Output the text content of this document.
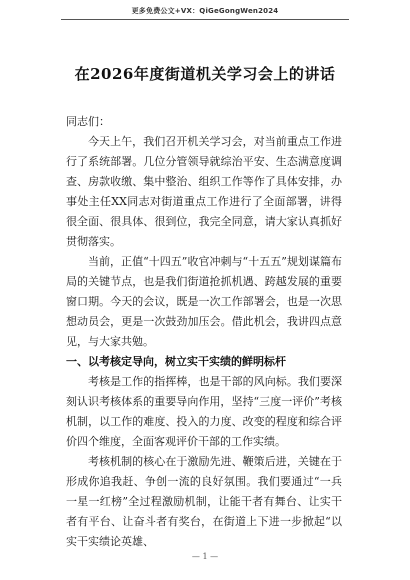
更多免费公文+VX：QiGeGongWen2024
在2026年度街道机关学习会上的讲话

同志们：

今天上午，我们召开机关学习会，对当前重点工作进行了系统部署。几位分管领导就综治平安、生态满意度调查、房款收缴、集中整治、组织工作等作了具体安排，办事处主任XX同志对街道重点工作进行了全面部署，讲得很全面、很具体、很到位，我完全同意，请大家认真抓好贯彻落实。

当前，正值“十四五”收官冲刺与“十五五”规划谋篇布局的关键节点，也是我们街道抢抓机遇、跨越发展的重要窗口期。今天的会议，既是一次工作部署会，也是一次思想动员会，更是一次鼓劲加压会。借此机会，我讲四点意见，与大家共勉。

一、以考核定导向，树立实干实绩的鲜明标杆

考核是工作的指挥棒，也是干部的风向标。我们要深刻认识考核体系的重要导向作用，坚持“三度一评价”考核机制，以工作的难度、投入的力度、改变的程度和综合评价四个维度，全面客观评价干部的工作实绩。

考核机制的核心在于激励先进、鞭策后进，关键在于形成你追我赶、争创一流的良好氛围。我们要通过“一兵一星一红榜”全过程激励机制，让能干者有舞台、让实干者有平台、让奋斗者有奖台，在街道上下进一步掀起“以实干实绩论英雄、

— 1 —
